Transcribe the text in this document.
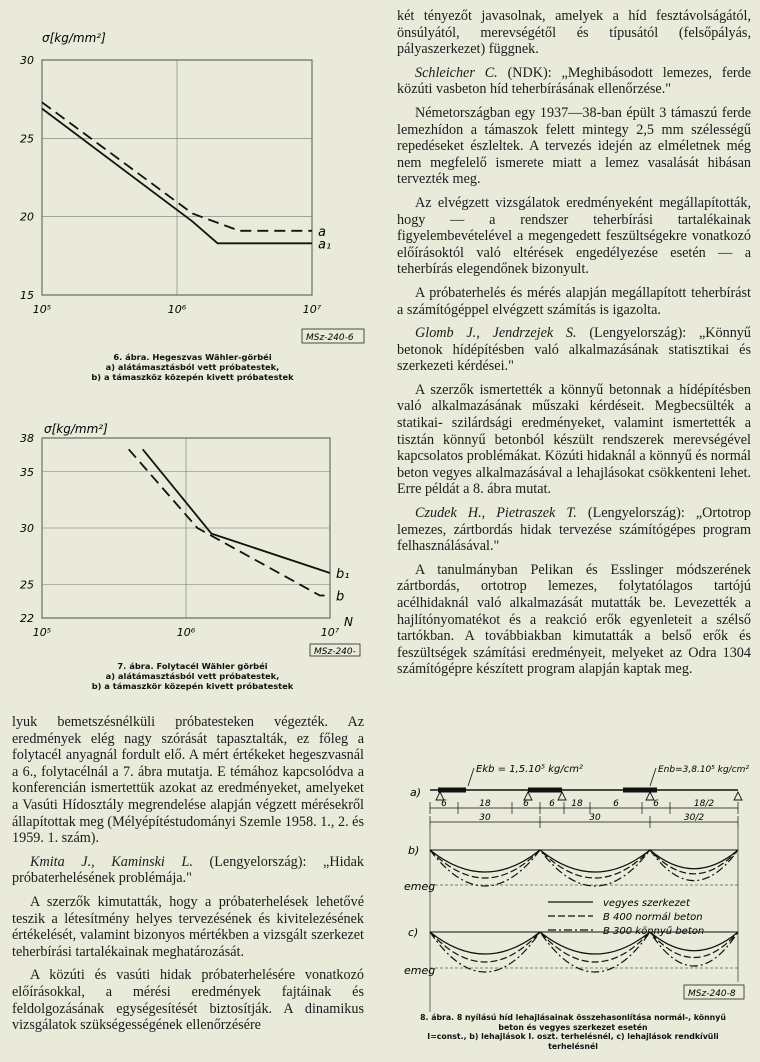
a
a₁
15
20
25
30
10⁵	10⁶	10⁷
σ[kg/mm²]
MSz-240-6
6. ábra. Hegeszvas Wähler-görbéi
a) alátámasztásból vett próbatestek,
b) a támaszköz közepén kivett próbatestek
b₁
b
22
25
30
35
38
10⁵	10⁶	10⁷
σ[kg/mm²]
N
MSz-240-
7. ábra. Folytacél Wähler görbéi
a) alátámasztásból vett próbatestek,
b) a támaszkör közepén kivett próbatestek

lyuk bemetszésnélküli próbatesteken végezték. Az eredmények elég nagy szórását tapasztalták, ez főleg a folytacél anyagnál fordult elő. A mért értékeket hegeszvasnál a 6., folytacélnál a 7. ábra mutatja. E témához kapcsolódva a konferencián ismertettük azokat az eredményeket, amelyeket a Vasúti Hídosztály megrendelése alapján végzett mérésekről állapítottak meg (Mélyépítéstudományi Szemle 1958. 1., 2. és 1959. 1. szám).

Kmita J., Kaminski L. (Lengyelország): „Hidak próbaterhelésének problémája."

A szerzők kimutatták, hogy a próbaterhelések lehetővé teszik a létesítmény helyes tervezésének és kivitelezésének értékelését, valamint bizonyos mértékben a vizsgált szerkezet teherbírási tartalékainak meghatározását.

A közúti és vasúti hidak próbaterhelésére vonatkozó előírásokkal, a mérési eredmények fajtáinak és feldolgozásának egységesítését biztosítják. A dinamikus vizsgálatok szükségességének ellenőrzésére

két tényezőt javasolnak, amelyek a híd fesztávolságától, önsúlyától, merevségétől és típusától (felsőpályás, pályaszerkezet) függnek.

Schleicher C. (NDK): „Meghibásodott lemezes, ferde közúti vasbeton híd teherbírásának ellenőrzése."

Németországban egy 1937—38-ban épült 3 támaszú ferde lemezhídon a támaszok felett mintegy 2,5 mm szélességű repedéseket észleltek. A tervezés idején az elméletnek még nem megfelelő ismerete miatt a lemez vasalását hibásan tervezték meg.

Az elvégzett vizsgálatok eredményeként megállapították, hogy — a rendszer teherbírási tartalékainak figyelembevételével a megengedett feszültségekre vonatkozó előírásoktól való eltérések engedélyezése esetén — a teherbírás elegendőnek bizonyult.

A próbaterhelés és mérés alapján megállapított teherbírást a számítógéppel elvégzett számítás is igazolta.

Glomb J., Jendrzejek S. (Lengyelország): „Könnyű betonok hídépítésben való alkalmazásának statisztikai és szerkezeti kérdései."

A szerzők ismertették a könnyű betonnak a hídépítésben való alkalmazásának műszaki kérdéseit. Megbecsülték a statikai- szilárdsági eredményeket, valamint ismertették a tisztán könnyű betonból készült rendszerek merevségével kapcsolatos problémákat. Közúti hidaknál a könnyű és normál beton vegyes alkalmazásával a lehajlásokat csökkenteni lehet. Erre példát a 8. ábra mutat.

Czudek H., Pietraszek T. (Lengyelország): „Ortotrop lemezes, zártbordás hidak tervezése számítógépes program felhasználásával."

A tanulmányban Pelikan és Esslinger módszerének zártbordás, ortotrop lemezes, folytatólagos tartójú acélhidaknál való alkalmazását mutatták be. Levezették a hajlítónyomatékot és a reakció erők egyenleteit a szélső tartókban. A továbbiakban kimutatták a belső erők és feszültségek számítási eredményeit, melyeket az Odra 1304 számítógépre készített program alapján kaptak meg.

Ekb = 1,5.10⁵ kg/cm²	Enb=3,8.10⁵ kg/cm²
a)
6	18	6 6 18	6	6	18/2
30	30	30/2
b)
emeg
vegyes szerkezet
B 400 normál beton
B 300 könnyű beton
c)
emeg
MSz-240-8
8. ábra. 8 nyílású híd lehajlásainak összehasonlítása normál-, könnyű
beton és vegyes szerkezet esetén
I=const., b) lehajlások I. oszt. terhelésnél, c) lehajlások rendkívüli
terhelésnél
